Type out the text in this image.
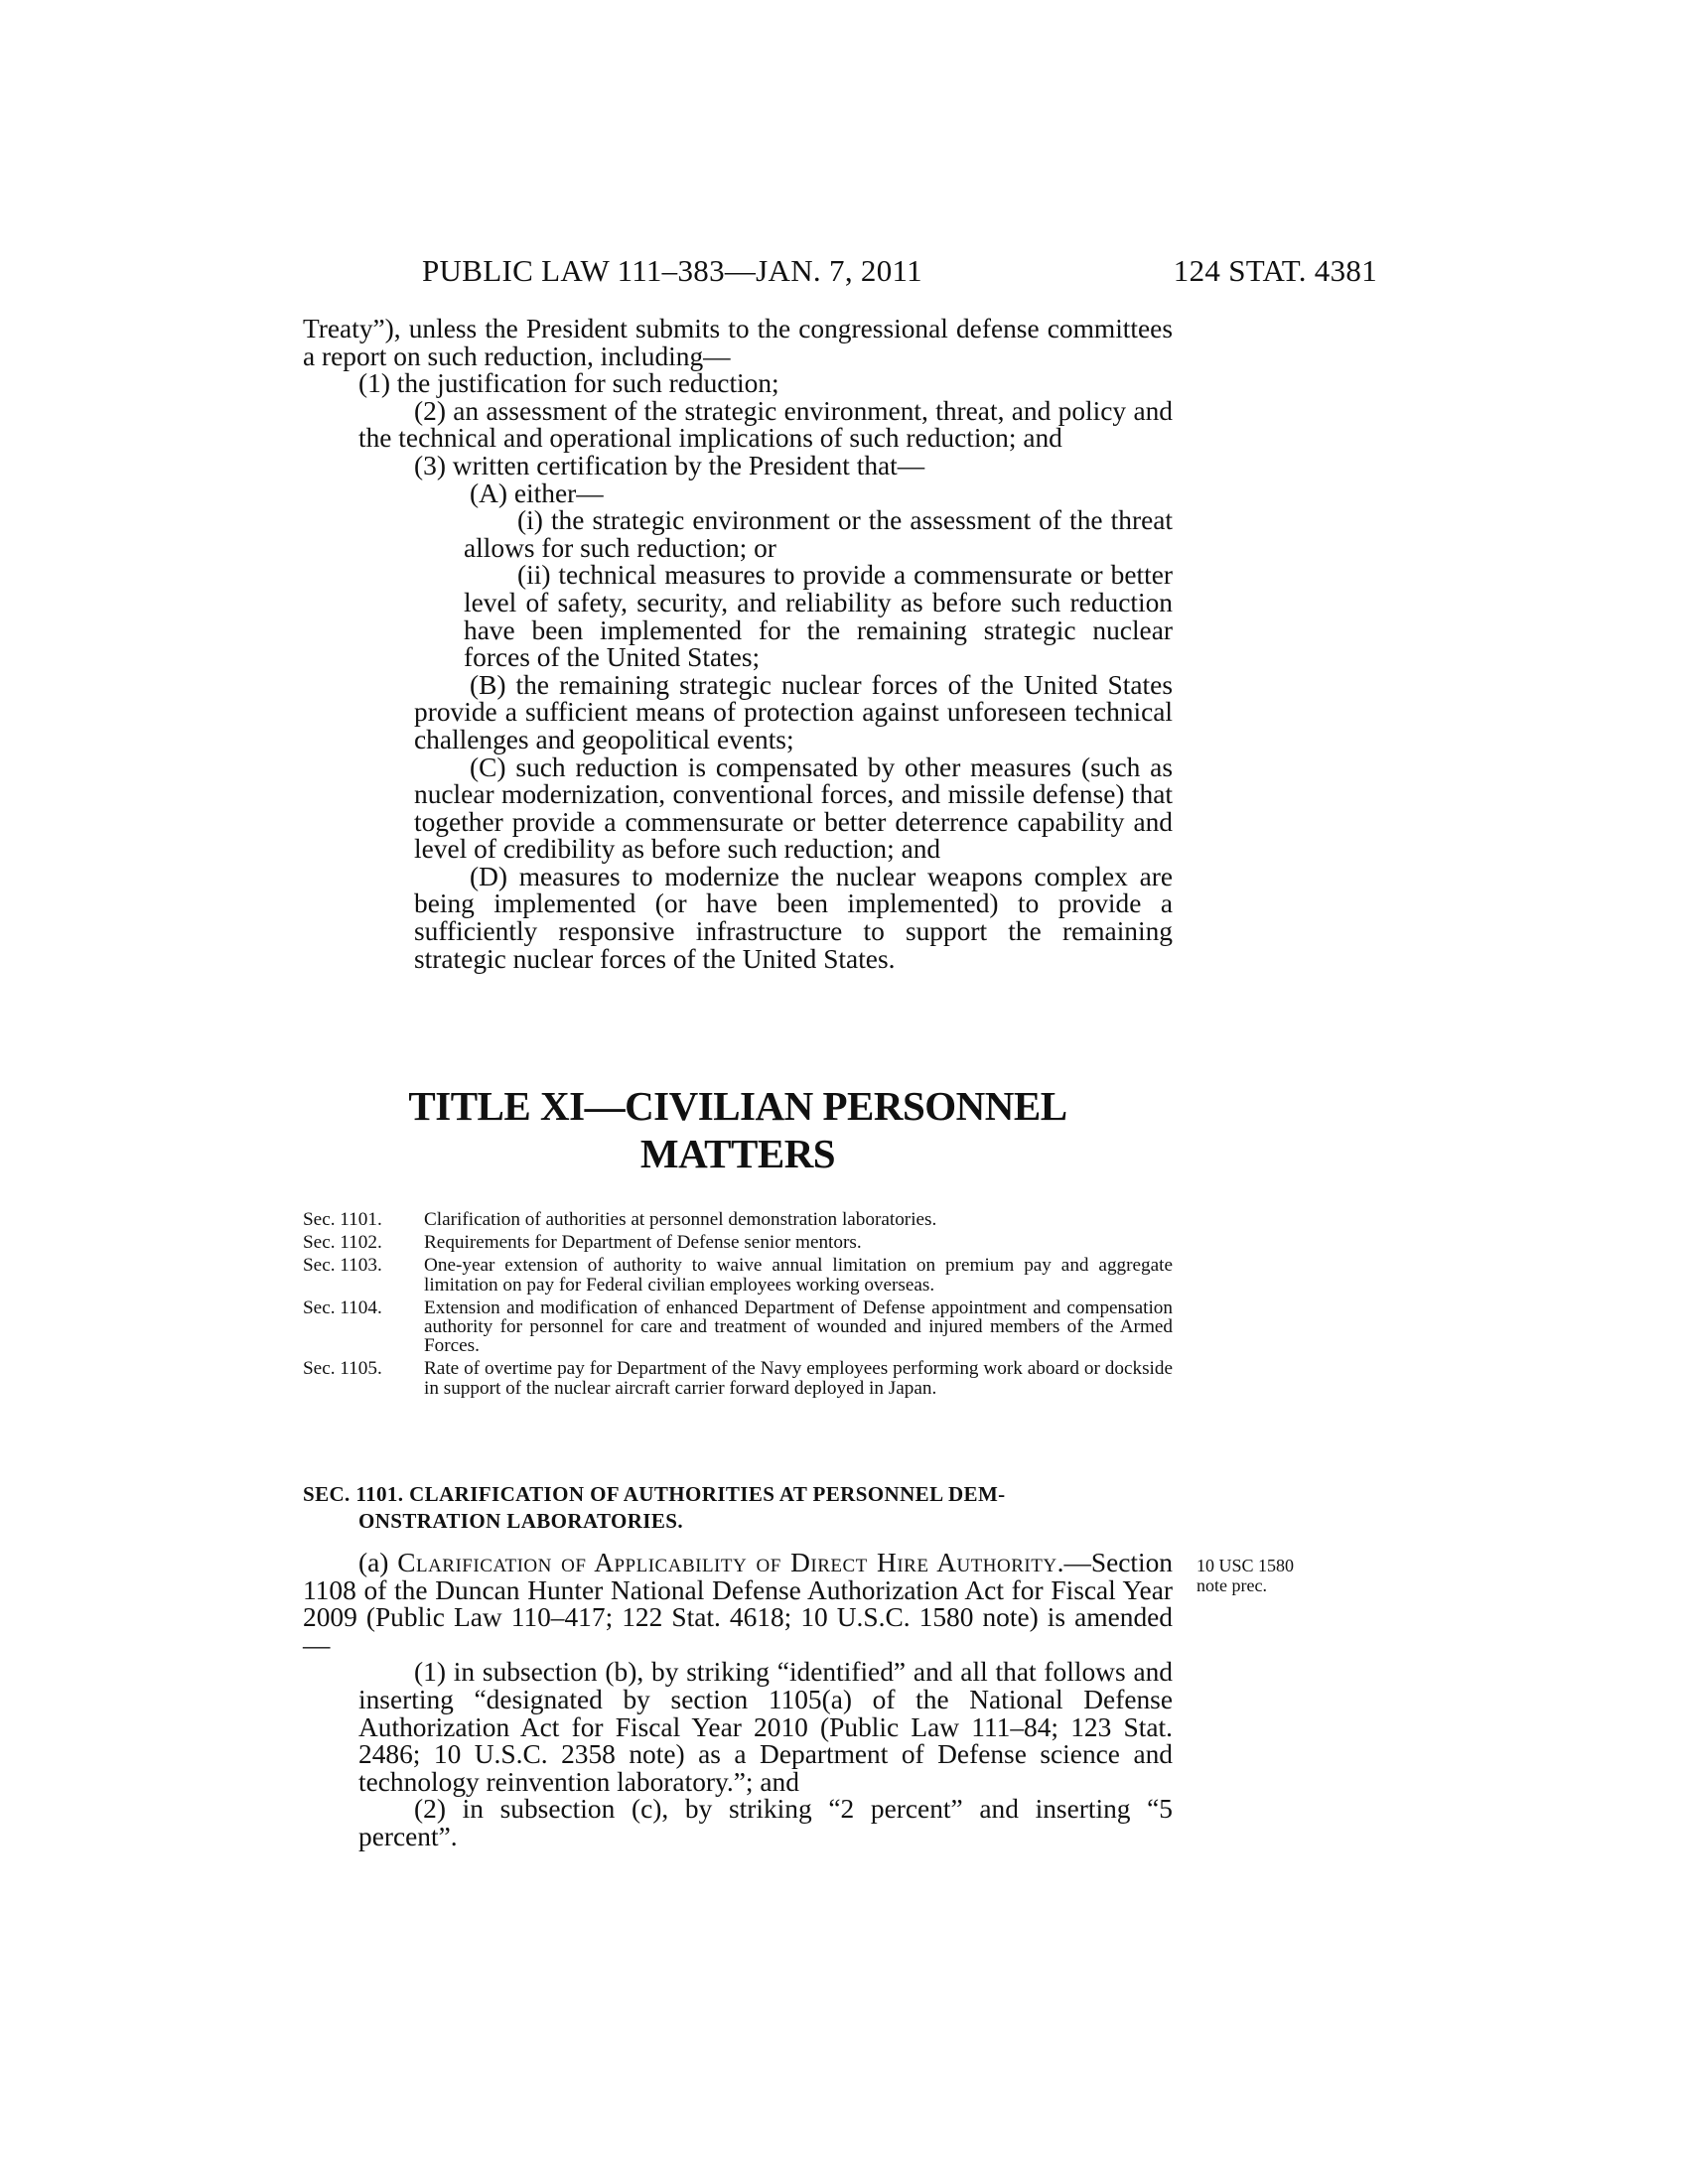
PUBLIC LAW 111–383—JAN. 7, 2011	124 STAT. 4381

Treaty”), unless the President submits to the congressional defense committees a report on such reduction, including—

(1) the justification for such reduction;

(2) an assessment of the strategic environment, threat, and policy and the technical and operational implications of such reduction; and

(3) written certification by the President that—

(A) either—

(i) the strategic environment or the assessment of the threat allows for such reduction; or

(ii) technical measures to provide a commensurate or better level of safety, security, and reliability as before such reduction have been implemented for the remaining strategic nuclear forces of the United States;

(B) the remaining strategic nuclear forces of the United States provide a sufficient means of protection against unforeseen technical challenges and geopolitical events;

(C) such reduction is compensated by other measures (such as nuclear modernization, conventional forces, and missile defense) that together provide a commensurate or better deterrence capability and level of credibility as before such reduction; and

(D) measures to modernize the nuclear weapons complex are being implemented (or have been implemented) to provide a sufficiently responsive infrastructure to support the remaining strategic nuclear forces of the United States.

TITLE XI—CIVILIAN PERSONNEL
MATTERS
Sec. 1101.	Clarification of authorities at personnel demonstration laboratories.
Sec. 1102.	Requirements for Department of Defense senior mentors.
Sec. 1103.	One-year extension of authority to waive annual limitation on premium pay and aggregate limitation on pay for Federal civilian employees working overseas.
Sec. 1104.	Extension and modification of enhanced Department of Defense appointment and compensation authority for personnel for care and treatment of wounded and injured members of the Armed Forces.
Sec. 1105.	Rate of overtime pay for Department of the Navy employees performing work aboard or dockside in support of the nuclear aircraft carrier forward deployed in Japan.
SEC. 1101. CLARIFICATION OF AUTHORITIES AT PERSONNEL DEM-
ONSTRATION LABORATORIES.

(a) Clarification of Applicability of Direct Hire Authority.—Section 1108 of the Duncan Hunter National Defense Authorization Act for Fiscal Year 2009 (Public Law 110–417; 122 Stat. 4618; 10 U.S.C. 1580 note) is amended—

(1) in subsection (b), by striking “identified” and all that follows and inserting “designated by section 1105(a) of the National Defense Authorization Act for Fiscal Year 2010 (Public Law 111–84; 123 Stat. 2486; 10 U.S.C. 2358 note) as a Department of Defense science and technology reinvention laboratory.”; and

(2) in subsection (c), by striking “2 percent” and inserting “5 percent”.

10 USC 1580
note prec.
